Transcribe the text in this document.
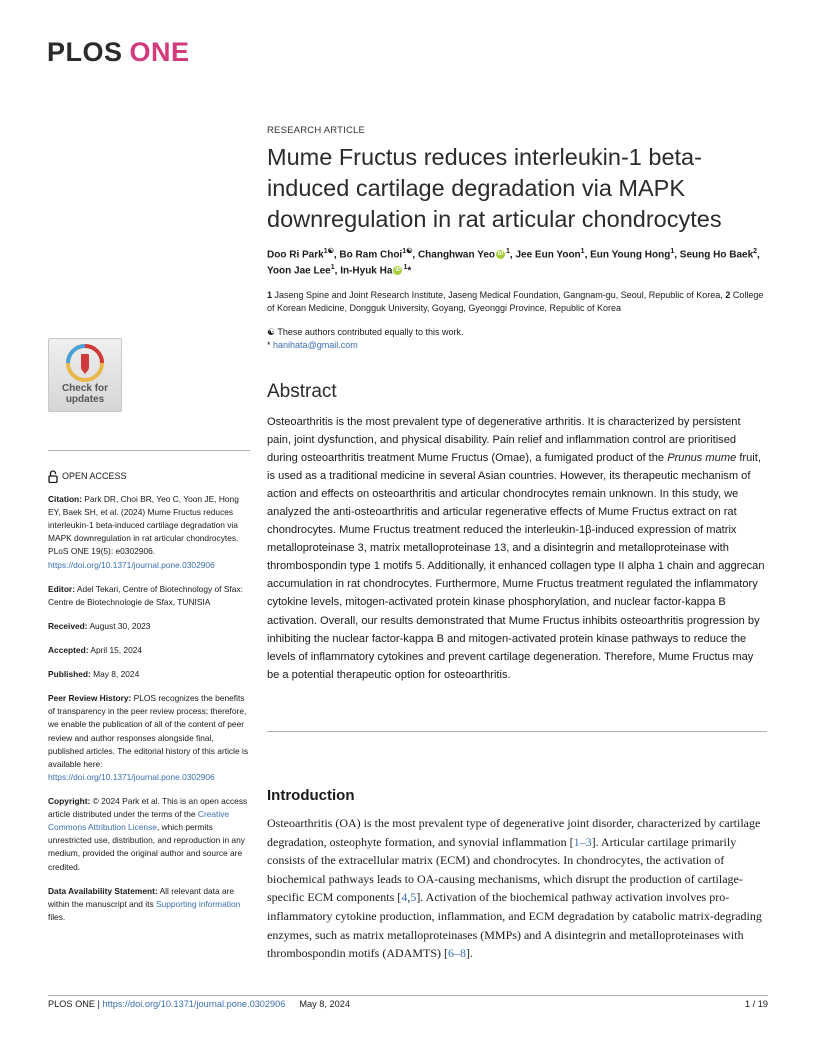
PLOS ONE
Check for
updates
OPEN ACCESS
Citation: Park DR, Choi BR, Yeo C, Yoon JE, Hong EY, Baek SH, et al. (2024) Mume Fructus reduces interleukin-1 beta-induced cartilage degradation via MAPK downregulation in rat articular chondrocytes. PLoS ONE 19(5): e0302906. https://doi.org/10.1371/journal.pone.0302906
Editor: Adel Tekari, Centre of Biotechnology of Sfax: Centre de Biotechnologie de Sfax, TUNISIA
Received: August 30, 2023
Accepted: April 15, 2024
Published: May 8, 2024
Peer Review History: PLOS recognizes the benefits of transparency in the peer review process; therefore, we enable the publication of all of the content of peer review and author responses alongside final, published articles. The editorial history of this article is available here: https://doi.org/10.1371/journal.pone.0302906
Copyright: © 2024 Park et al. This is an open access article distributed under the terms of the Creative Commons Attribution License, which permits unrestricted use, distribution, and reproduction in any medium, provided the original author and source are credited.
Data Availability Statement: All relevant data are within the manuscript and its Supporting information files.
RESEARCH ARTICLE
Mume Fructus reduces interleukin-1 beta-induced cartilage degradation via MAPK downregulation in rat articular chondrocytes
Doo Ri Park$^{1☯}$, Bo Ram Choi$^{1☯}$, Changhwan Yeo iD $^1$, Jee Eun Yoon$^1$, Eun Young Hong$^1$, Seung Ho Baek$^2$, Yoon Jae Lee$^1$, In-Hyuk Ha iD $^1$*
1 Jaseng Spine and Joint Research Institute, Jaseng Medical Foundation, Gangnam-gu, Seoul, Republic of Korea, 2 College of Korean Medicine, Dongguk University, Goyang, Gyeonggi Province, Republic of Korea
☯ These authors contributed equally to this work.
* hanihata@gmail.com
Abstract
Osteoarthritis is the most prevalent type of degenerative arthritis. It is characterized by persistent pain, joint dysfunction, and physical disability. Pain relief and inflammation control are prioritised during osteoarthritis treatment Mume Fructus (Omae), a fumigated product of the Prunus mume fruit, is used as a traditional medicine in several Asian countries. However, its therapeutic mechanism of action and effects on osteoarthritis and articular chondrocytes remain unknown. In this study, we analyzed the anti-osteoarthritis and articular regenerative effects of Mume Fructus extract on rat chondrocytes. Mume Fructus treatment reduced the interleukin-1β-induced expression of matrix metalloproteinase 3, matrix metalloproteinase 13, and a disintegrin and metalloproteinase with thrombospondin type 1 motifs 5. Additionally, it enhanced collagen type II alpha 1 chain and aggrecan accumulation in rat chondrocytes. Furthermore, Mume Fructus treatment regulated the inflammatory cytokine levels, mitogen-activated protein kinase phosphorylation, and nuclear factor-kappa B activation. Overall, our results demonstrated that Mume Fructus inhibits osteoarthritis progression by inhibiting the nuclear factor-kappa B and mitogen-activated protein kinase pathways to reduce the levels of inflammatory cytokines and prevent cartilage degeneration. Therefore, Mume Fructus may be a potential therapeutic option for osteoarthritis.
Introduction

Osteoarthritis (OA) is the most prevalent type of degenerative joint disorder, characterized by cartilage degradation, osteophyte formation, and synovial inflammation [1–3]. Articular cartilage primarily consists of the extracellular matrix (ECM) and chondrocytes. In chondrocytes, the activation of biochemical pathways leads to OA-causing mechanisms, which disrupt the production of cartilage-specific ECM components [4,5]. Activation of the biochemical pathway activation involves pro-inflammatory cytokine production, inflammation, and ECM degradation by catabolic matrix-degrading enzymes, such as matrix metalloproteinases (MMPs) and A disintegrin and metalloproteinases with thrombospondin motifs (ADAMTS) [6–8].

PLOS ONE | https://doi.org/10.1371/journal.pone.0302906 May 8, 2024	1 / 19
